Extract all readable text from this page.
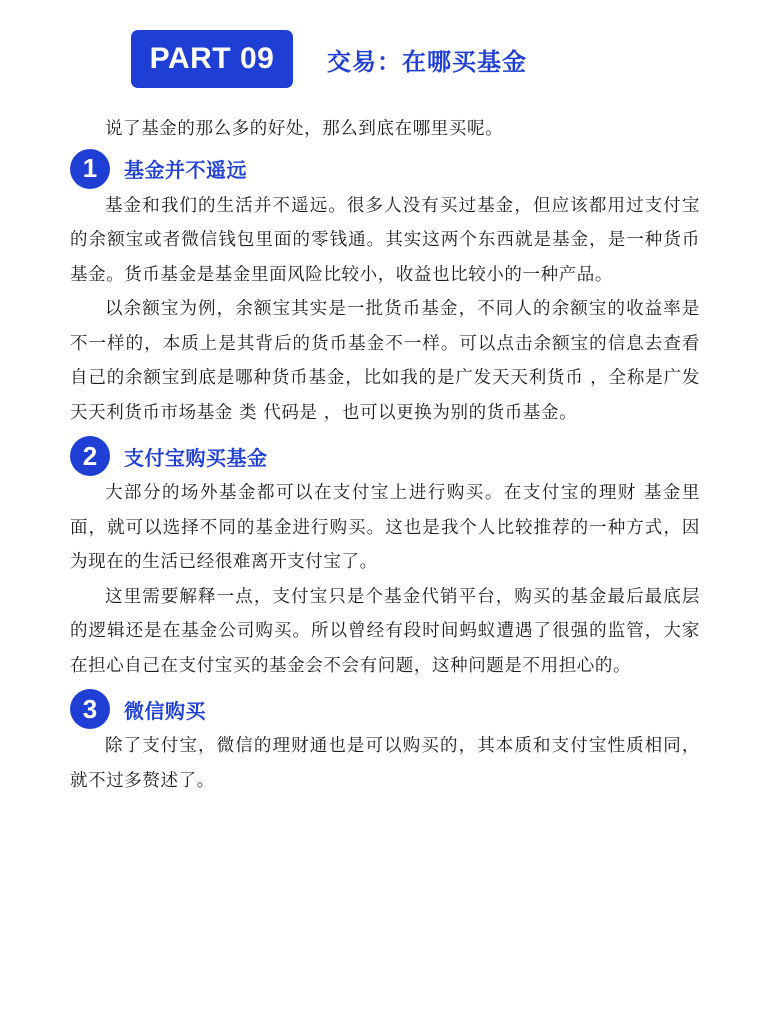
PART 09	交易：在哪买基金

说了基金的那么多的好处，那么到底在哪里买呢。

1	基金并不遥远

基金和我们的生活并不遥远。很多人没有买过基金，但应该都用过支付宝的余额宝或者微信钱包里面的零钱通。其实这两个东西就是基金，是一种货币基金。货币基金是基金里面风险比较小，收益也比较小的一种产品。

以余额宝为例，余额宝其实是一批货币基金，不同人的余额宝的收益率是不一样的，本质上是其背后的货币基金不一样。可以点击余额宝的信息去查看自己的余额宝到底是哪种货币基金，比如我的是广发天天利货币 ，全称是广发天天利货币市场基金 类 代码是 ，也可以更换为别的货币基金。

2	支付宝购买基金

大部分的场外基金都可以在支付宝上进行购买。在支付宝的理财 基金里面，就可以选择不同的基金进行购买。这也是我个人比较推荐的一种方式，因为现在的生活已经很难离开支付宝了。

这里需要解释一点，支付宝只是个基金代销平台，购买的基金最后最底层的逻辑还是在基金公司购买。所以曾经有段时间蚂蚁遭遇了很强的监管，大家在担心自己在支付宝买的基金会不会有问题，这种问题是不用担心的。

3	微信购买

除了支付宝，微信的理财通也是可以购买的，其本质和支付宝性质相同，就不过多赘述了。
